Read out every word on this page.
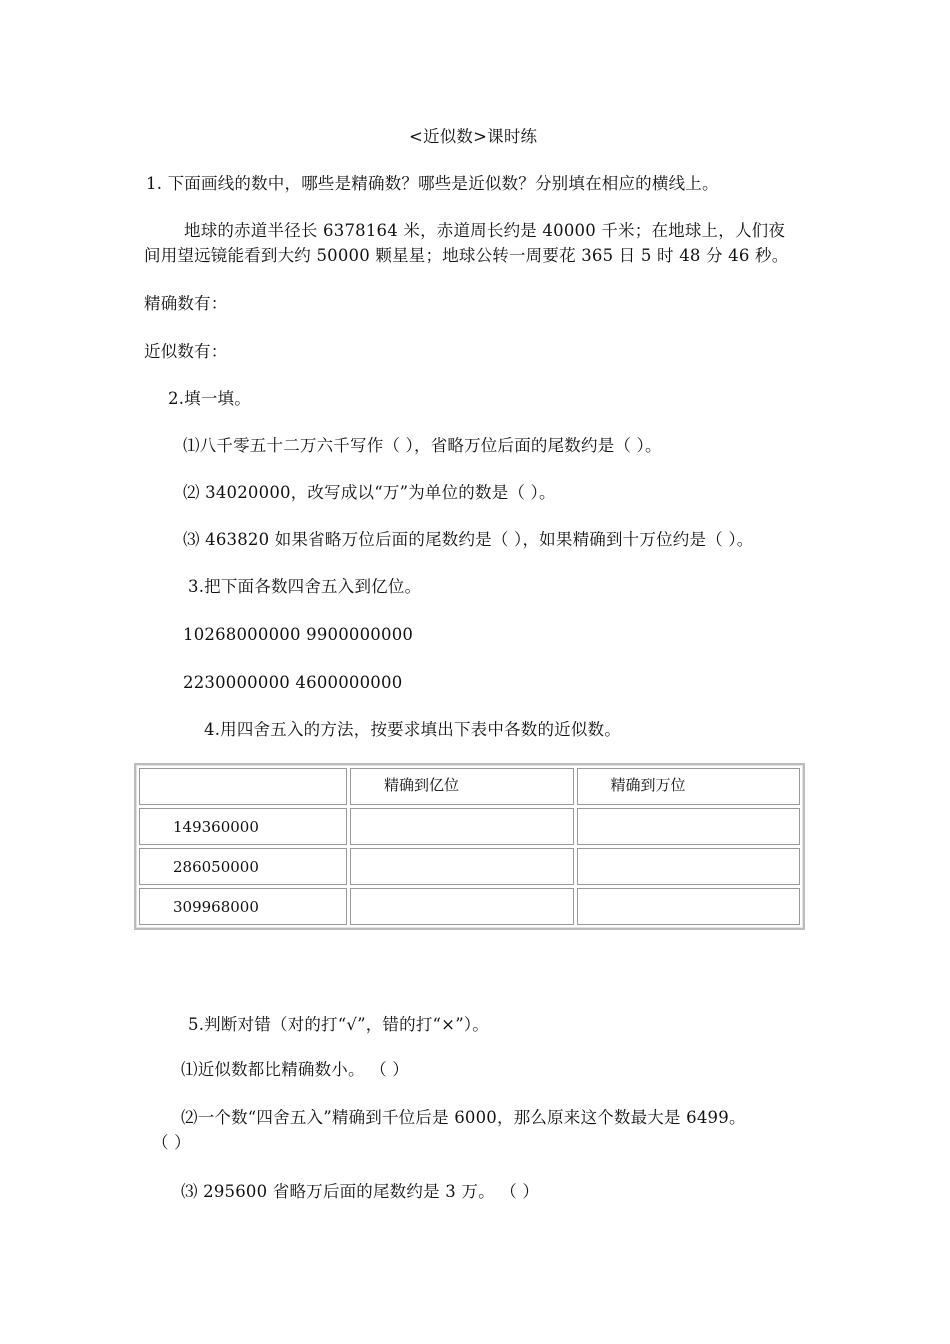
<近似数>课时练
1. 下面画线的数中，哪些是精确数？哪些是近似数？分别填在相应的横线上。
地球的赤道半径长 6378164 米，赤道周长约是 40000 千米；在地球上，人们夜
间用望远镜能看到大约 50000 颗星星；地球公转一周要花 365 日 5 时 48 分 46 秒。
精确数有：
近似数有：
2.填一填。
⑴八千零五十二万六千写作（ ），省略万位后面的尾数约是（ ）。
⑵ 34020000，改写成以“万”为单位的数是（ ）。
⑶ 463820 如果省略万位后面的尾数约是（ ），如果精确到十万位约是（ ）。
3.把下面各数四舍五入到亿位。
10268000000 9900000000
2230000000 4600000000
4.用四舍五入的方法，按要求填出下表中各数的近似数。
	精确到亿位	精确到万位
149360000		
286050000		
309968000		
5.判断对错（对的打“√”，错的打“×”）。
⑴近似数都比精确数小。 （ ）
⑵一个数“四舍五入”精确到千位后是 6000，那么原来这个数最大是 6499。
（ ）
⑶ 295600 省略万后面的尾数约是 3 万。 （ ）
